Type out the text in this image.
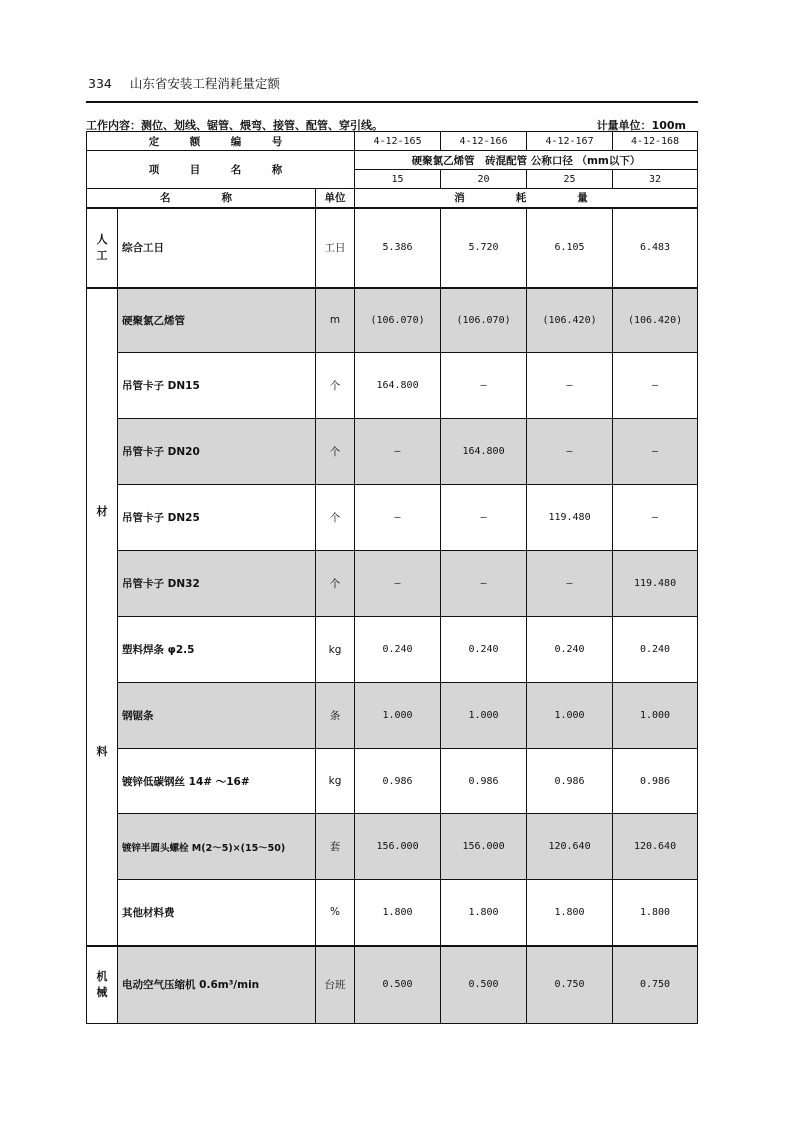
334 山东省安装工程消耗量定额
工作内容：测位、划线、锯管、煨弯、接管、配管、穿引线。	计量单位：100m
定　额　编　号			4-12-165	4-12-166	4-12-167	4-12-168
项　目　名　称			硬聚氯乙烯管　砖混配管 公称口径 （mm以下）			
			15	20	25	32
名　　称		单位	消　　耗　　量			
人工	综合工日	工日	5.386	5.720	6.105	6.483

材
料	硬聚氯乙烯管	m	(106.070)	(106.070)	(106.420)	(106.420)
	吊管卡子 DN15	个	164.800	—	—	—
	吊管卡子 DN20	个	—	164.800	—	—
	吊管卡子 DN25	个	—	—	119.480	—
	吊管卡子 DN32	个	—	—	—	119.480
	塑料焊条 φ2.5	kg	0.240	0.240	0.240	0.240
	钢锯条	条	1.000	1.000	1.000	1.000
	镀锌低碳钢丝 14# ～16#	kg	0.986	0.986	0.986	0.986
	镀锌半圆头螺栓 M(2～5)×(15～50)	套	156.000	156.000	120.640	120.640
	其他材料费	%	1.800	1.800	1.800	1.800
机械	电动空气压缩机 0.6m³/min	台班	0.500	0.500	0.750	0.750
